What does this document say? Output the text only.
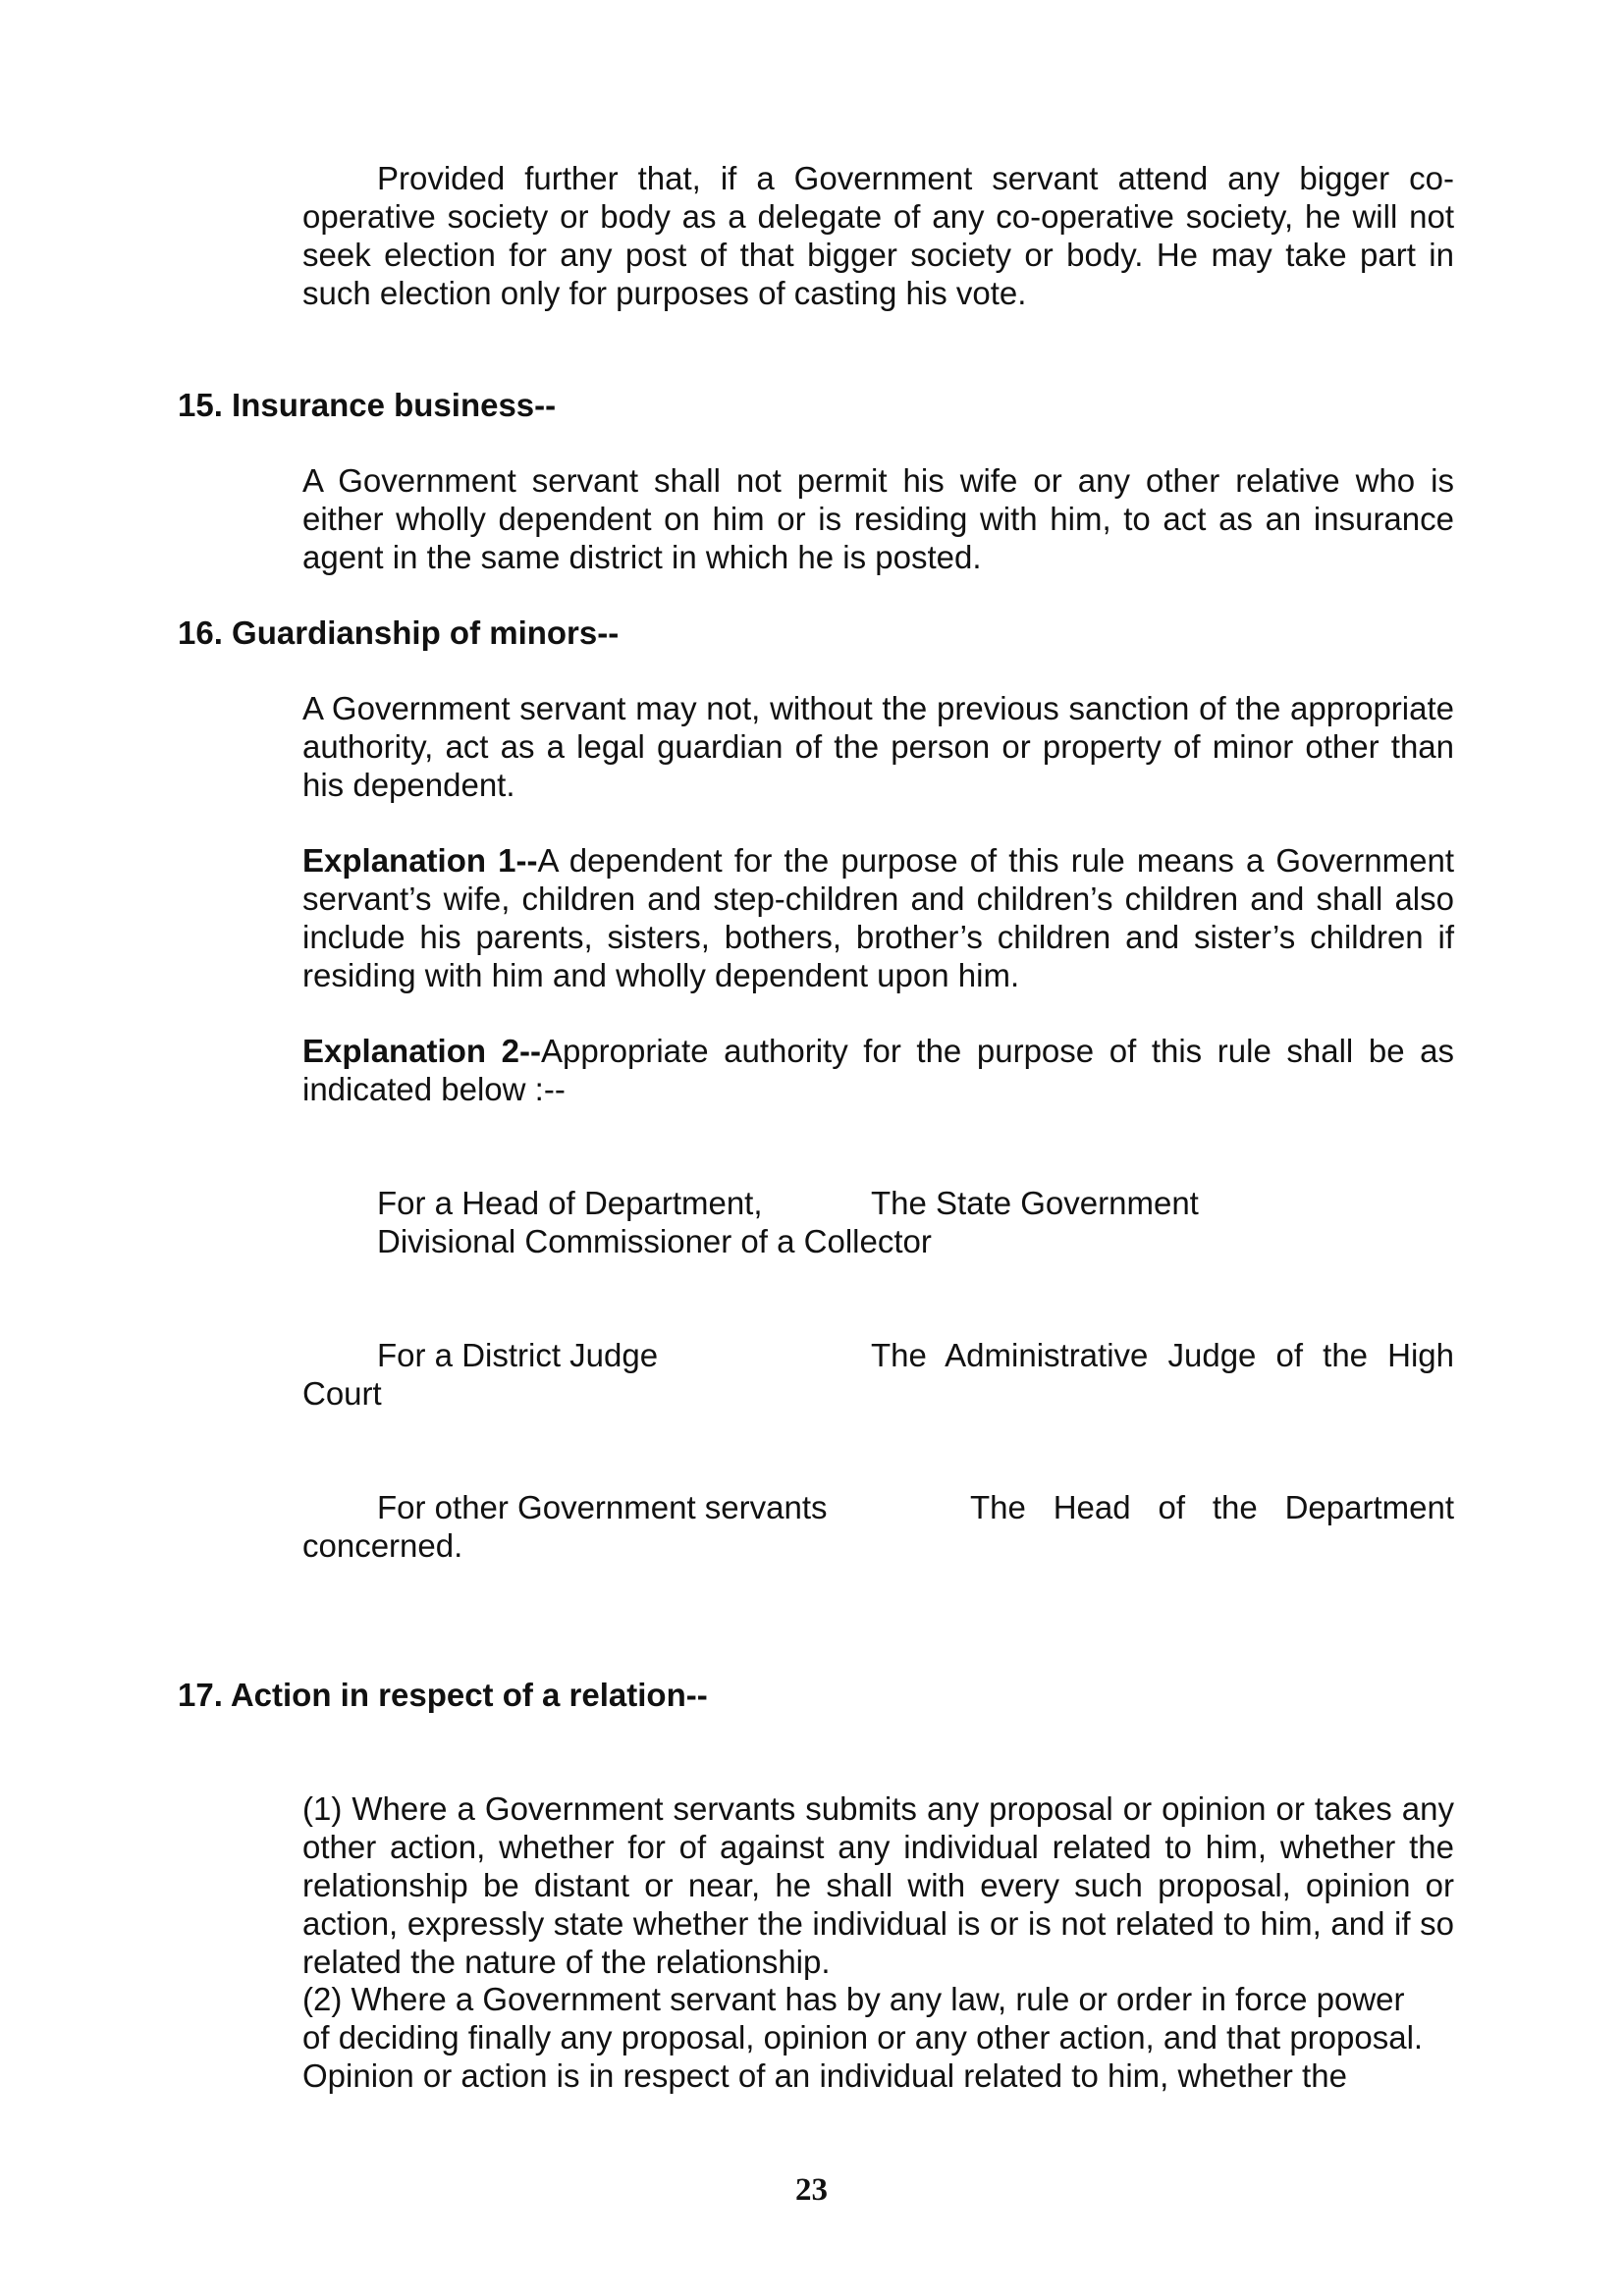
Provided further that, if a Government servant attend any bigger co-operative society or body as a delegate of any co-operative society, he will not seek election for any post of that bigger society or body. He may take part in such election only for purposes of casting his vote.

15. Insurance business--

A Government servant shall not permit his wife or any other relative who is either wholly dependent on him or is residing with him, to act as an insurance agent in the same district in which he is posted.

16. Guardianship of minors--

A Government servant may not, without the previous sanction of the appropriate authority, act as a legal guardian of the person or property of minor other than his dependent.

Explanation 1--A dependent for the purpose of this rule means a Government servant’s wife, children and step-children and children’s children and shall also include his parents, sisters, bothers, brother’s children and sister’s children if residing with him and wholly dependent upon him.

Explanation 2--Appropriate authority for the purpose of this rule shall be as indicated below :--

For a Head of Department,	The State Government
Divisional Commissioner of a Collector
For a District Judge	The Administrative Judge of the High
Court
For other Government servants	The Head of the Department
concerned.
17. Action in respect of a relation--

(1) Where a Government servants submits any proposal or opinion or takes any other action, whether for of against any individual related to him, whether the relationship be distant or near, he shall with every such proposal, opinion or action, expressly state whether the individual is or is not related to him, and if so related the nature of the relationship.

(2) Where a Government servant has by any law, rule or order in force power
of deciding finally any proposal, opinion or any other action, and that proposal.
Opinion or action is in respect of an individual related to him, whether the
23
